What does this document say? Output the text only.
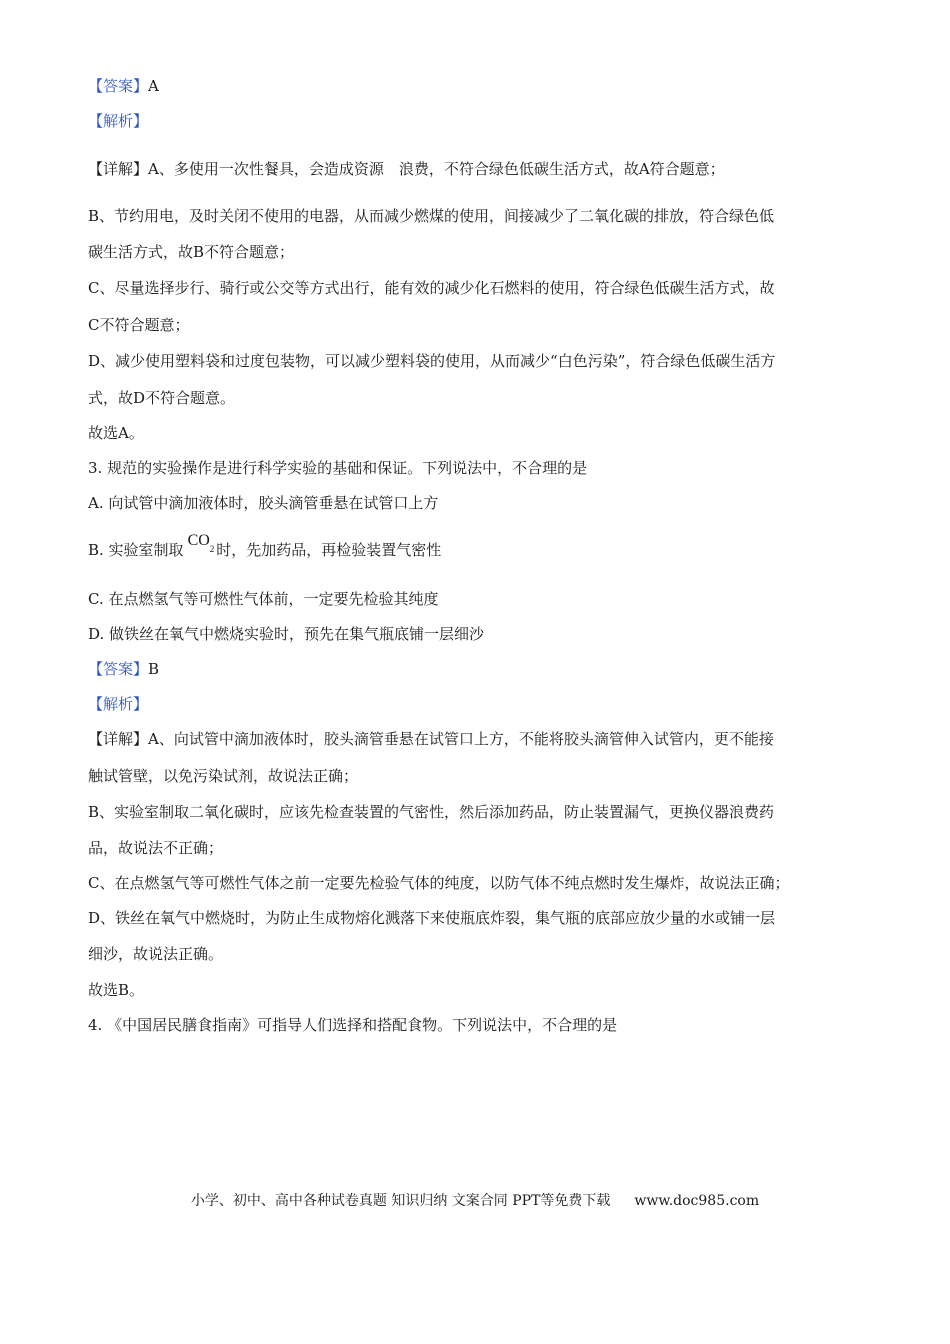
【答案】A
【解析】
【详解】A、多使用一次性餐具，会造成资源　浪费，不符合绿色低碳生活方式，故A符合题意；
B、节约用电，及时关闭不使用的电器，从而减少燃煤的使用，间接减少了二氧化碳的排放，符合绿色低
碳生活方式，故B不符合题意；
C、尽量选择步行、骑行或公交等方式出行，能有效的减少化石燃料的使用，符合绿色低碳生活方式，故
C不符合题意；
D、减少使用塑料袋和过度包装物，可以减少塑料袋的使用，从而减少“白色污染”，符合绿色低碳生活方
式，故D不符合题意。
故选A。
3. 规范的实验操作是进行科学实验的基础和保证。下列说法中，不合理的是
A. 向试管中滴加液体时，胶头滴管垂悬在试管口上方
B. 实验室制取$CO_2$ 时，先加药品，再检验装置气密性
C. 在点燃氢气等可燃性气体前，一定要先检验其纯度
D. 做铁丝在氧气中燃烧实验时，预先在集气瓶底铺一层细沙
【答案】B
【解析】
【详解】A、向试管中滴加液体时，胶头滴管垂悬在试管口上方，不能将胶头滴管伸入试管内，更不能接
触试管壁，以免污染试剂，故说法正确；
B、实验室制取二氧化碳时，应该先检查装置的气密性，然后添加药品，防止装置漏气，更换仪器浪费药
品，故说法不正确；
C、在点燃氢气等可燃性气体之前一定要先检验气体的纯度，以防气体不纯点燃时发生爆炸，故说法正确；
D、铁丝在氧气中燃烧时，为防止生成物熔化溅落下来使瓶底炸裂，集气瓶的底部应放少量的水或铺一层
细沙，故说法正确。
故选B。
4. 《中国居民膳食指南》可指导人们选择和搭配食物。下列说法中，不合理的是
小学、初中、高中各种试卷真题 知识归纳 文案合同 PPT等免费下载 www.doc985.com
